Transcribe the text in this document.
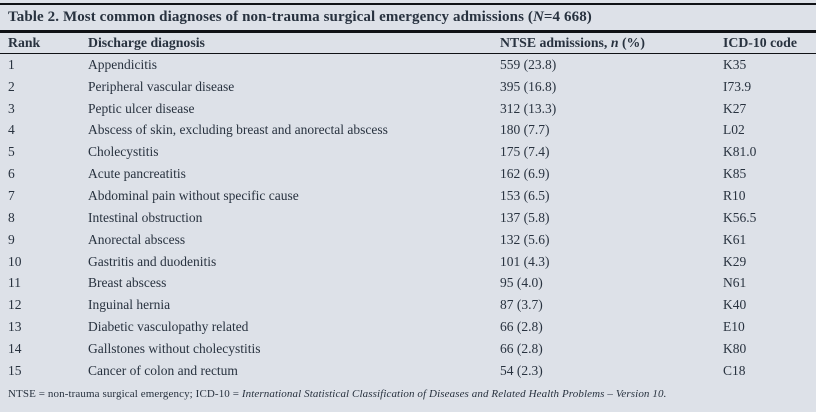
Table 2. Most common diagnoses of non-trauma surgical emergency admissions (N=4 668)
Rank	Discharge diagnosis	NTSE admissions, n (%)	ICD-10 code
1	Appendicitis	559 (23.8)	K35
2	Peripheral vascular disease	395 (16.8)	I73.9
3	Peptic ulcer disease	312 (13.3)	K27
4	Abscess of skin, excluding breast and anorectal abscess	180 (7.7)	L02
5	Cholecystitis	175 (7.4)	K81.0
6	Acute pancreatitis	162 (6.9)	K85
7	Abdominal pain without specific cause	153 (6.5)	R10
8	Intestinal obstruction	137 (5.8)	K56.5
9	Anorectal abscess	132 (5.6)	K61
10	Gastritis and duodenitis	101 (4.3)	K29
11	Breast abscess	95 (4.0)	N61
12	Inguinal hernia	87 (3.7)	K40
13	Diabetic vasculopathy related	66 (2.8)	E10
14	Gallstones without cholecystitis	66 (2.8)	K80
15	Cancer of colon and rectum	54 (2.3)	C18
NTSE = non-trauma surgical emergency; ICD-10 = International Statistical Classification of Diseases and Related Health Problems – Version 10.
